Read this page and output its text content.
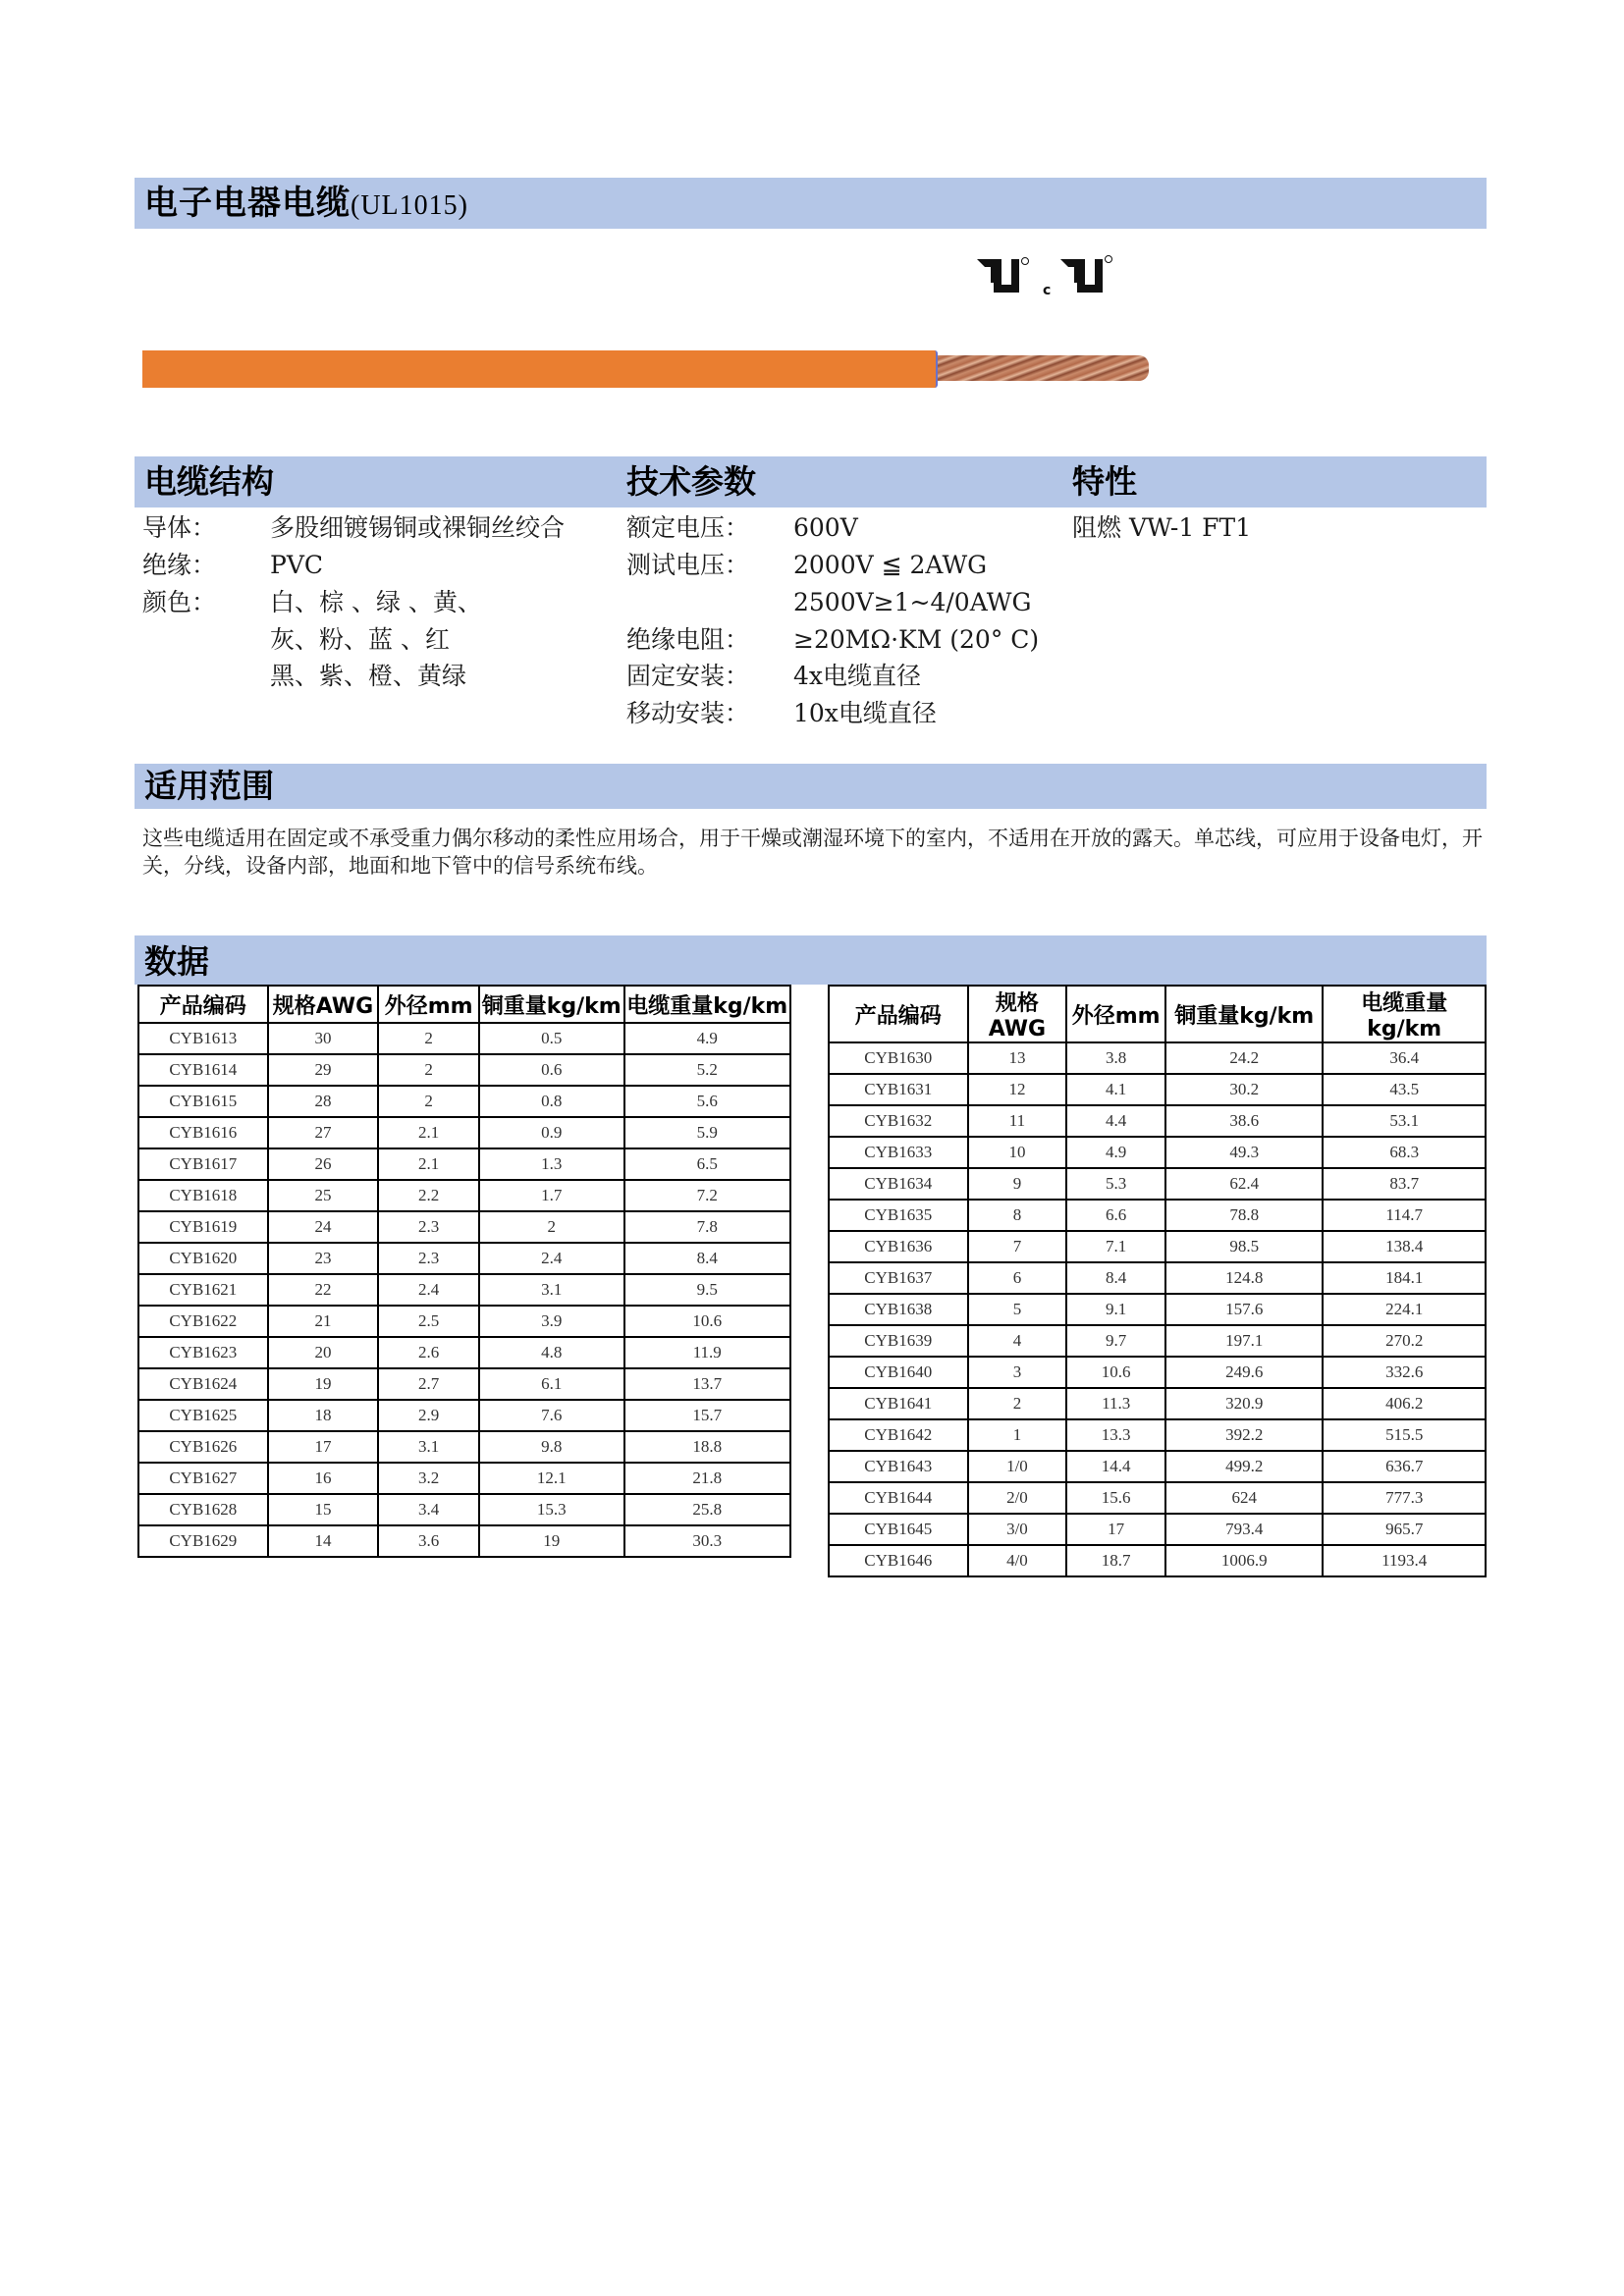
电子电器电缆(UL1015)
c
电缆结构	技术参数	特性
导体： 多股细镀锡铜或裸铜丝绞合
绝缘： PVC
颜色： 白、棕 、绿 、黄、
灰、粉、蓝 、红
黑、紫、橙、黄绿
额定电压： 600V
测试电压： 2000V ≦ 2AWG
2500V≥1~4/0AWG
绝缘电阻： ≥20MΩ·KM (20° C)
固定安装： 4x电缆直径
移动安装： 10x电缆直径
阻燃 VW-1 FT1
适用范围
这些电缆适用在固定或不承受重力偶尔移动的柔性应用场合，用于干燥或潮湿环境下的室内，不适用在开放的露天。单芯线，可应用于设备电灯，开关，分线，设备内部，地面和地下管中的信号系统布线。
数据
产品编码	规格AWG	外径mm	铜重量kg/km	电缆重量kg/km
CYB1613	30	2	0.5	4.9
CYB1614	29	2	0.6	5.2
CYB1615	28	2	0.8	5.6
CYB1616	27	2.1	0.9	5.9
CYB1617	26	2.1	1.3	6.5
CYB1618	25	2.2	1.7	7.2
CYB1619	24	2.3	2	7.8
CYB1620	23	2.3	2.4	8.4
CYB1621	22	2.4	3.1	9.5
CYB1622	21	2.5	3.9	10.6
CYB1623	20	2.6	4.8	11.9
CYB1624	19	2.7	6.1	13.7
CYB1625	18	2.9	7.6	15.7
CYB1626	17	3.1	9.8	18.8
CYB1627	16	3.2	12.1	21.8
CYB1628	15	3.4	15.3	25.8
CYB1629	14	3.6	19	30.3
产品编码	规格AWG	外径mm	铜重量kg/km	电缆重量kg/km
CYB1630	13	3.8	24.2	36.4
CYB1631	12	4.1	30.2	43.5
CYB1632	11	4.4	38.6	53.1
CYB1633	10	4.9	49.3	68.3
CYB1634	9	5.3	62.4	83.7
CYB1635	8	6.6	78.8	114.7
CYB1636	7	7.1	98.5	138.4
CYB1637	6	8.4	124.8	184.1
CYB1638	5	9.1	157.6	224.1
CYB1639	4	9.7	197.1	270.2
CYB1640	3	10.6	249.6	332.6
CYB1641	2	11.3	320.9	406.2
CYB1642	1	13.3	392.2	515.5
CYB1643	1/0	14.4	499.2	636.7
CYB1644	2/0	15.6	624	777.3
CYB1645	3/0	17	793.4	965.7
CYB1646	4/0	18.7	1006.9	1193.4
